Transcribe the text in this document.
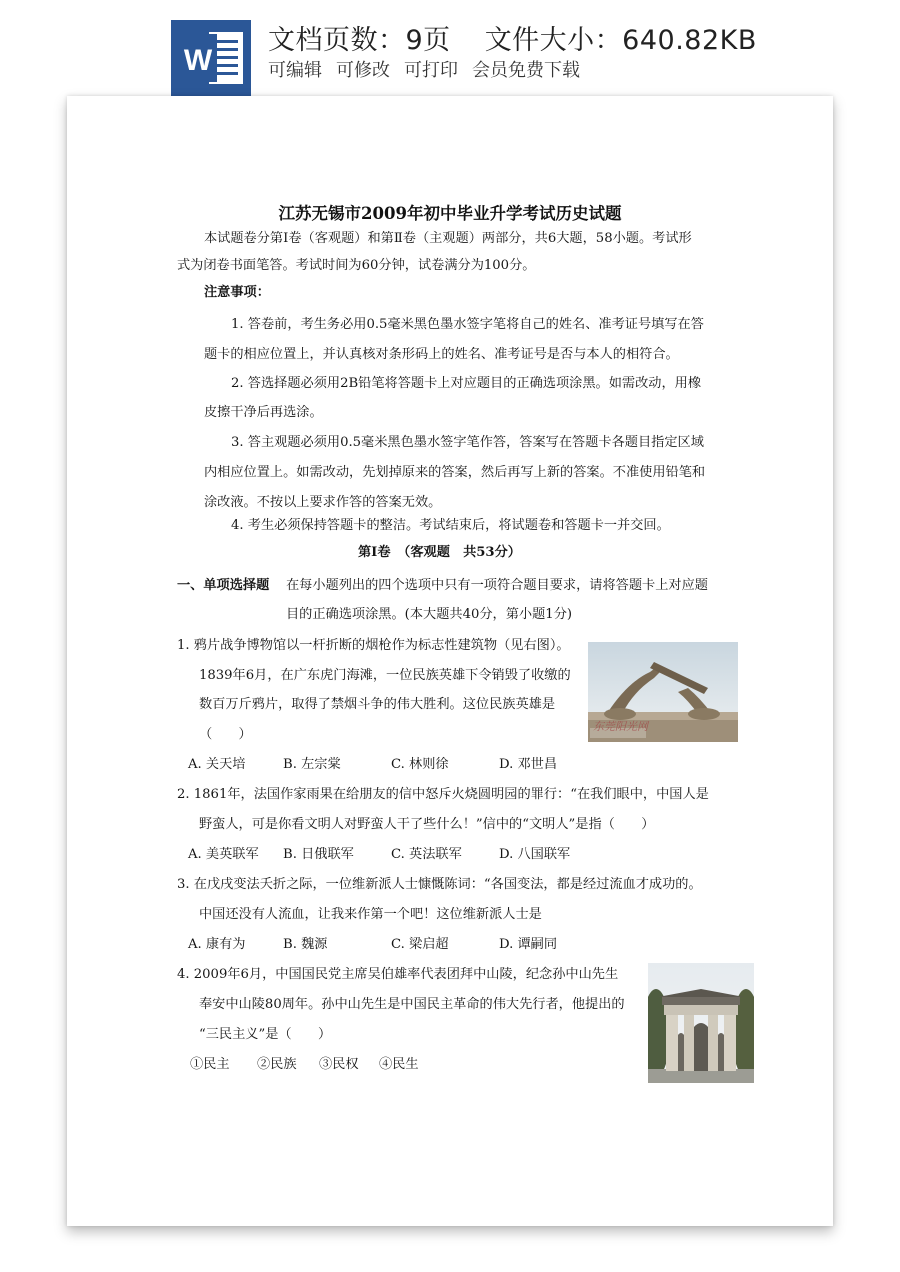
W
文档页数：9页 文件大小：640.82KB
可编辑 可修改 可打印 会员免费下载
江苏无锡市2009年初中毕业升学考试历史试题
本试题卷分第Ⅰ卷（客观题）和第Ⅱ卷（主观题）两部分，共6大题，58小题。考试形
式为闭卷书面笔答。考试时间为60分钟，试卷满分为100分。
注意事项：
1. 答卷前，考生务必用0.5毫米黑色墨水签字笔将自己的姓名、准考证号填写在答
题卡的相应位置上，并认真核对条形码上的姓名、准考证号是否与本人的相符合。
2. 答选择题必须用2B铅笔将答题卡上对应题目的正确选项涂黑。如需改动，用橡
皮擦干净后再选涂。
3. 答主观题必须用0.5毫米黑色墨水签字笔作答，答案写在答题卡各题目指定区域
内相应位置上。如需改动，先划掉原来的答案，然后再写上新的答案。不准使用铅笔和
涂改液。不按以上要求作答的答案无效。
4. 考生必须保持答题卡的整洁。考试结束后，将试题卷和答题卡一并交回。
第Ⅰ卷　（客观题　共53分）
一、单项选择题 在每小题列出的四个选项中只有一项符合题目要求，请将答题卡上对应题
目的正确选项涂黑。(本大题共40分，第小题1分)
1. 鸦片战争博物馆以一杆折断的烟枪作为标志性建筑物（见右图）。
1839年6月，在广东虎门海滩，一位民族英雄下令销毁了收缴的
数百万斤鸦片，取得了禁烟斗争的伟大胜利。这位民族英雄是
（　　）
A. 关天培	B. 左宗棠	C. 林则徐	D. 邓世昌
东莞阳光网
2. 1861年，法国作家雨果在给朋友的信中怒斥火烧圆明园的罪行：“在我们眼中，中国人是
野蛮人，可是你看文明人对野蛮人干了些什么！”信中的“文明人”是指（　　）
A. 美英联军 B. 日俄联军	C. 英法联军	D. 八国联军
3. 在戊戌变法夭折之际，一位维新派人士慷慨陈词：“各国变法，都是经过流血才成功的。
中国还没有人流血，让我来作第一个吧！这位维新派人士是
A. 康有为	B. 魏源	C. 梁启超	D. 谭嗣同
4. 2009年6月，中国国民党主席吴伯雄率代表团拜中山陵，纪念孙中山先生
奉安中山陵80周年。孙中山先生是中国民主革命的伟大先行者，他提出的
“三民主义”是（　　）
①民主 ②民族 ③民权 ④民生
